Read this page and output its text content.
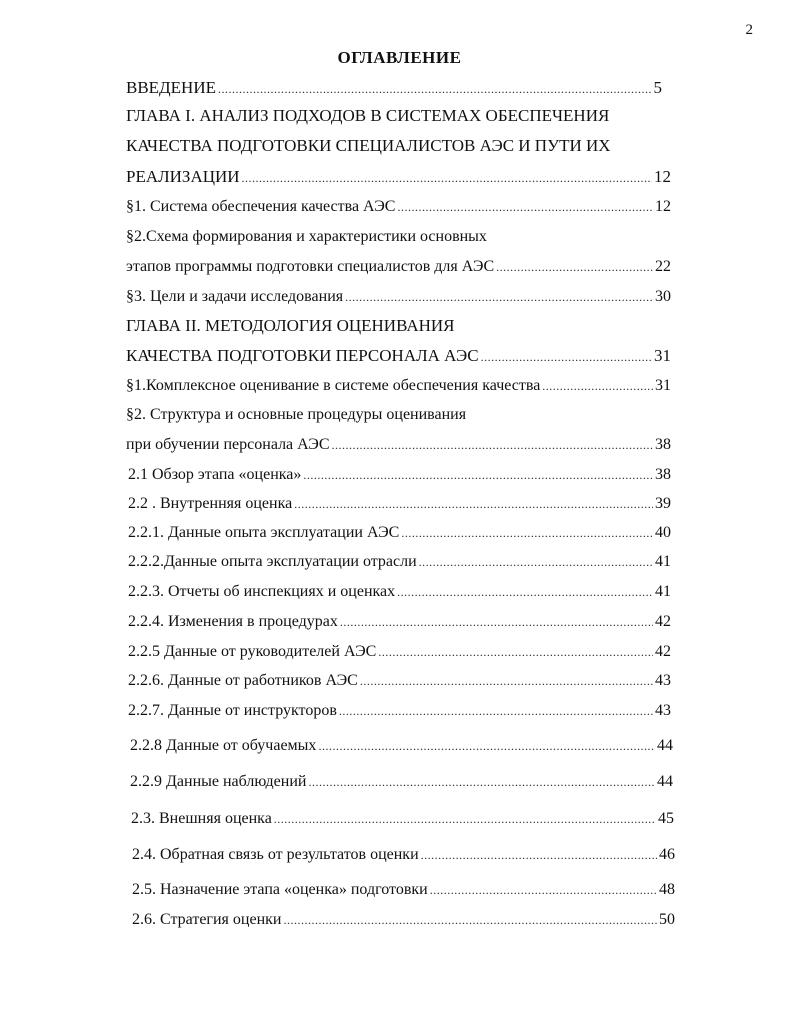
2
ОГЛАВЛЕНИЕ
ВВЕДЕНИЕ .....	5
ГЛАВА I. АНАЛИЗ ПОДХОДОВ В СИСТЕМАХ ОБЕСПЕЧЕНИЯ
КАЧЕСТВА ПОДГОТОВКИ СПЕЦИАЛИСТОВ АЭС И ПУТИ ИХ
РЕАЛИЗАЦИИ .....	12
§1. Система обеспечения качества АЭС .....	12
§2.Схема формирования и характеристики основных
этапов программы подготовки специалистов для АЭС .....	22
§3. Цели и задачи исследования .....	30
ГЛАВА II. МЕТОДОЛОГИЯ ОЦЕНИВАНИЯ
КАЧЕСТВА ПОДГОТОВКИ ПЕРСОНАЛА АЭС .....	31
§1.Комплексное оценивание в системе обеспечения качества .....	31
§2. Структура и основные процедуры оценивания
при обучении персонала АЭС .....	38
2.1 Обзор этапа «оценка» .....	38
2.2 . Внутренняя оценка .....	39
2.2.1. Данные опыта эксплуатации АЭС .....	40
2.2.2.Данные опыта эксплуатации отрасли .....	41
2.2.3. Отчеты об инспекциях и оценках .....	41
2.2.4. Изменения в процедурах .....	42
2.2.5 Данные от руководителей АЭС .....	42
2.2.6. Данные от работников АЭС .....	43
2.2.7. Данные от инструкторов .....	43
2.2.8 Данные от обучаемых .....	44
2.2.9 Данные наблюдений .....	44
2.3. Внешняя оценка .....	45
2.4. Обратная связь от результатов оценки .....	46
2.5. Назначение этапа «оценка» подготовки .....	48
2.6. Стратегия оценки .....	50
